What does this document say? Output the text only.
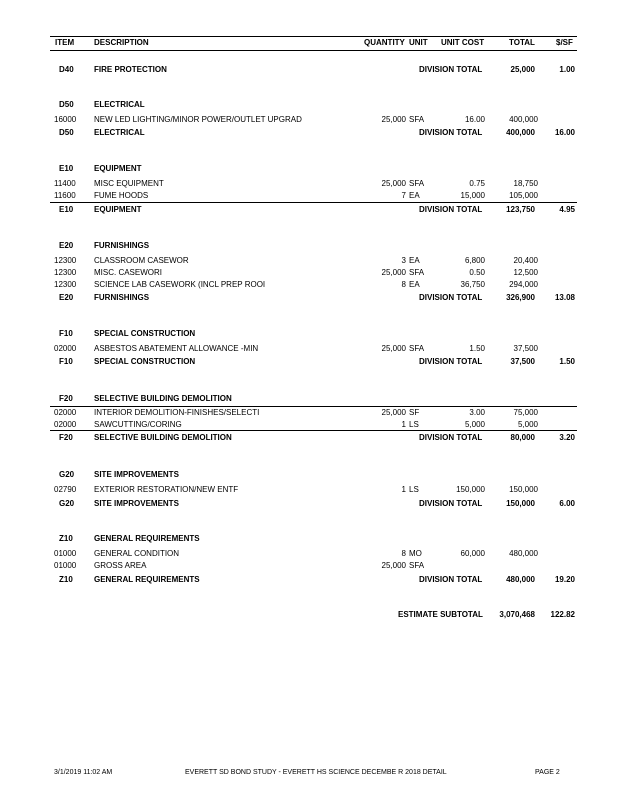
ITEM DESCRIPTION	QUANTITY UNIT UNIT COST	TOTAL	$/SF
D40	FIRE PROTECTION	DIVISION TOTAL	25,000	1.00
D50	ELECTRICAL
16000 NEW LED LIGHTING/MINOR POWER/OUTLET UPGRAD	25,000 SFA	16.00	400,000
D50	ELECTRICAL	DIVISION TOTAL	400,000	16.00
E10	EQUIPMENT
11400 MISC EQUIPMENT	25,000 SFA	0.75	18,750
11600 FUME HOODS	7 EA	15,000	105,000
E10	EQUIPMENT	DIVISION TOTAL	123,750	4.95
E20	FURNISHINGS
12300 CLASSROOM CASEWOR	3 EA	6,800	20,400
12300 MISC. CASEWORI	25,000 SFA	0.50	12,500
12300 SCIENCE LAB CASEWORK (INCL PREP ROOI	8 EA	36,750	294,000
E20	FURNISHINGS	DIVISION TOTAL	326,900	13.08
F10	SPECIAL CONSTRUCTION
02000 ASBESTOS ABATEMENT ALLOWANCE -MIN	25,000 SFA	1.50	37,500
F10	SPECIAL CONSTRUCTION	DIVISION TOTAL	37,500	1.50
F20	SELECTIVE BUILDING DEMOLITION
02000 INTERIOR DEMOLITION-FINISHES/SELECTI	25,000 SF	3.00	75,000
02000 SAWCUTTING/CORING	1 LS	5,000	5,000
F20	SELECTIVE BUILDING DEMOLITION	DIVISION TOTAL	80,000	3.20
G20 SITE IMPROVEMENTS
02790 EXTERIOR RESTORATION/NEW ENTF	1 LS	150,000	150,000
G20 SITE IMPROVEMENTS	DIVISION TOTAL	150,000	6.00
Z10	GENERAL REQUIREMENTS
01000 GENERAL CONDITION	8 MO	60,000	480,000
01000 GROSS AREA	25,000 SFA
Z10	GENERAL REQUIREMENTS	DIVISION TOTAL	480,000	19.20
ESTIMATE SUBTOTAL	3,070,468	122.82
3/1/2019 11:02 AM	EVERETT SD BOND STUDY - EVERETT HS SCIENCE DECEMBE R 2018 DETAIL	PAGE 2
